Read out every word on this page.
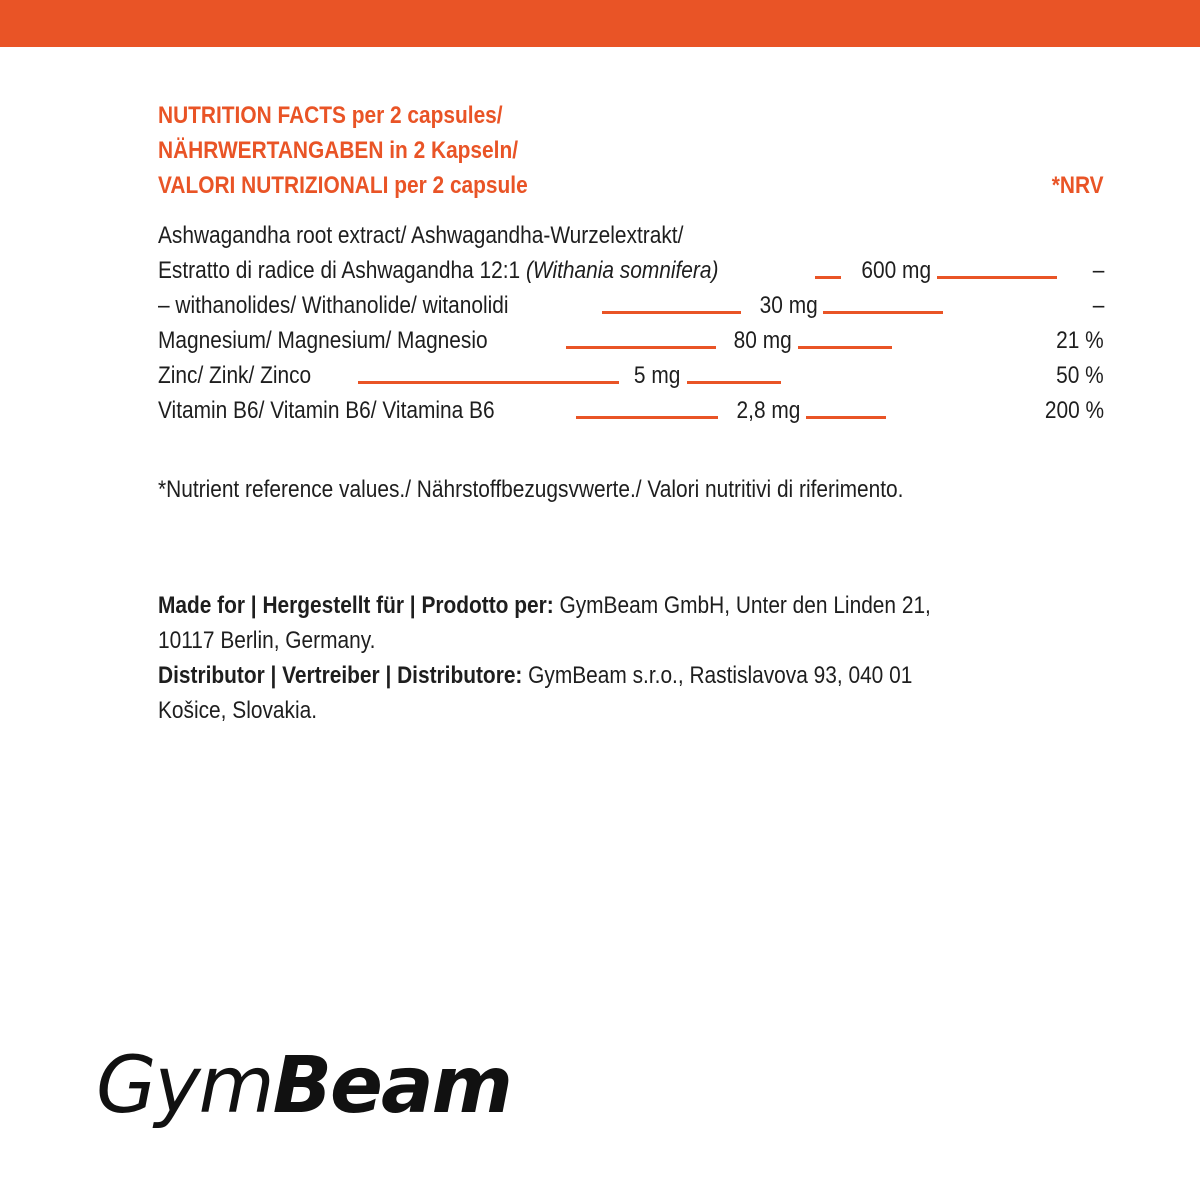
NUTRITION FACTS per 2 capsules/
NÄHRWERTANGABEN in 2 Kapseln/
VALORI NUTRIZIONALI per 2 capsule	*NRV
Ashwagandha root extract/ Ashwagandha-Wurzelextrakt/
Estratto di radice di Ashwagandha 12:1 (Withania somnifera)	600 mg	–
– withanolides/ Withanolide/ witanolidi	30 mg	–
Magnesium/ Magnesium/ Magnesio	80 mg	21 %
Zinc/ Zink/ Zinco	5 mg	50 %
Vitamin B6/ Vitamin B6/ Vitamina B6	2,8 mg	200 %
*Nutrient reference values./ Nährstoffbezugsvwerte./ Valori nutritivi di riferimento.
Made for | Hergestellt für | Prodotto per: GymBeam GmbH, Unter den Linden 21,
10117 Berlin, Germany.
Distributor | Vertreiber | Distributore: GymBeam s.r.o., Rastislavova 93, 040 01
Košice, Slovakia.
GymBeam
